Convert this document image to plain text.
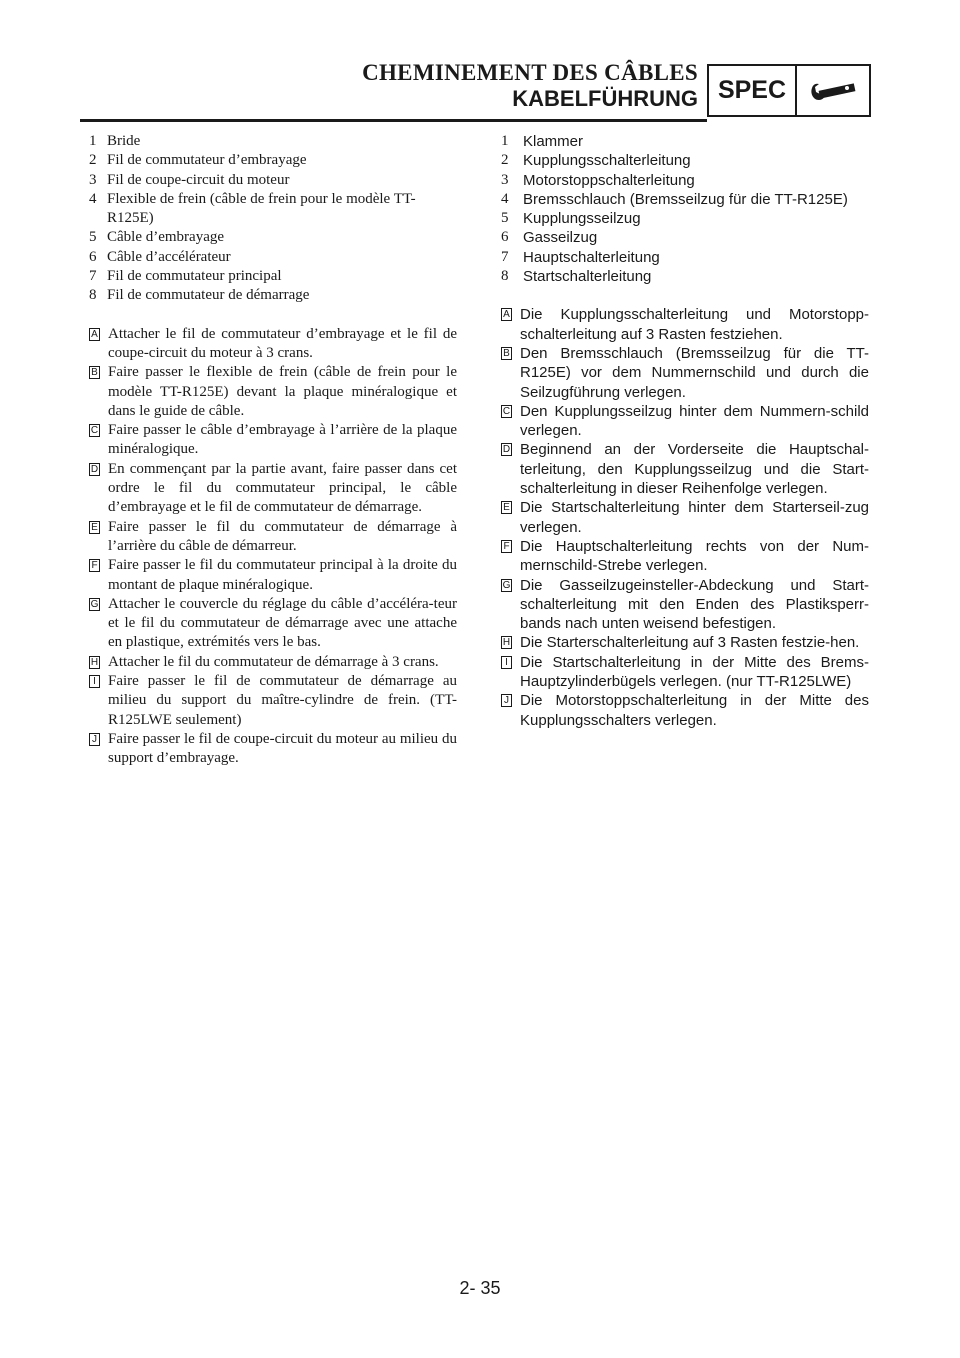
CHEMINEMENT DES CÂBLES
KABELFÜHRUNG SPEC
1 Bride
2 Fil de commutateur d’embrayage
3 Fil de coupe-circuit du moteur
4 Flexible de frein (câble de frein pour le modèle TT-R125E)
5 Câble d’embrayage
6 Câble d’accélérateur
7 Fil de commutateur principal
8 Fil de commutateur de démarrage
A Attacher le fil de commutateur d’embrayage et le fil de coupe-circuit du moteur à 3 crans.
B Faire passer le flexible de frein (câble de frein pour le modèle TT-R125E) devant la plaque minéralogique et dans le guide de câble.
C Faire passer le câble d’embrayage à l’arrière de la plaque minéralogique.
D En commençant par la partie avant, faire passer dans cet ordre le fil du commutateur principal, le câble d’embrayage et le fil de commutateur de démarrage.
E Faire passer le fil du commutateur de démarrage à l’arrière du câble de démarreur.
F Faire passer le fil du commutateur principal à la droite du montant de plaque minéralogique.
G Attacher le couvercle du réglage du câble d’accéléra-teur et le fil du commutateur de démarrage avec une attache en plastique, extrémités vers le bas.
H Attacher le fil du commutateur de démarrage à 3 crans.
I Faire passer le fil de commutateur de démarrage au milieu du support du maître-cylindre de frein. (TT-R125LWE seulement)
J Faire passer le fil de coupe-circuit du moteur au milieu du support d’embrayage.
1 Klammer
2 Kupplungsschalterleitung
3 Motorstoppschalterleitung
4 Bremsschlauch (Bremsseilzug für die TT-R125E)
5 Kupplungsseilzug
6 Gasseilzug
7 Hauptschalterleitung
8 Startschalterleitung
A Die Kupplungsschalterleitung und Motorstopp-schalterleitung auf 3 Rasten festziehen.
B Den Bremsschlauch (Bremsseilzug für die TT-R125E) vor dem Nummernschild und durch die Seilzugführung verlegen.
C Den Kupplungsseilzug hinter dem Nummern-schild verlegen.
D Beginnend an der Vorderseite die Hauptschal-terleitung, den Kupplungsseilzug und die Start-schalterleitung in dieser Reihenfolge verlegen.
E Die Startschalterleitung hinter dem Starterseil-zug verlegen.
F Die Hauptschalterleitung rechts von der Num-mernschild-Strebe verlegen.
G Die Gasseilzugeinsteller-Abdeckung und Start-schalterleitung mit den Enden des Plastiksperr-bands nach unten weisend befestigen.
H Die Starterschalterleitung auf 3 Rasten festzie-hen.
I Die Startschalterleitung in der Mitte des Brems-Hauptzylinderbügels verlegen. (nur TT-R125LWE)
J Die Motorstoppschalterleitung in der Mitte des Kupplungsschalters verlegen.
2- 35
